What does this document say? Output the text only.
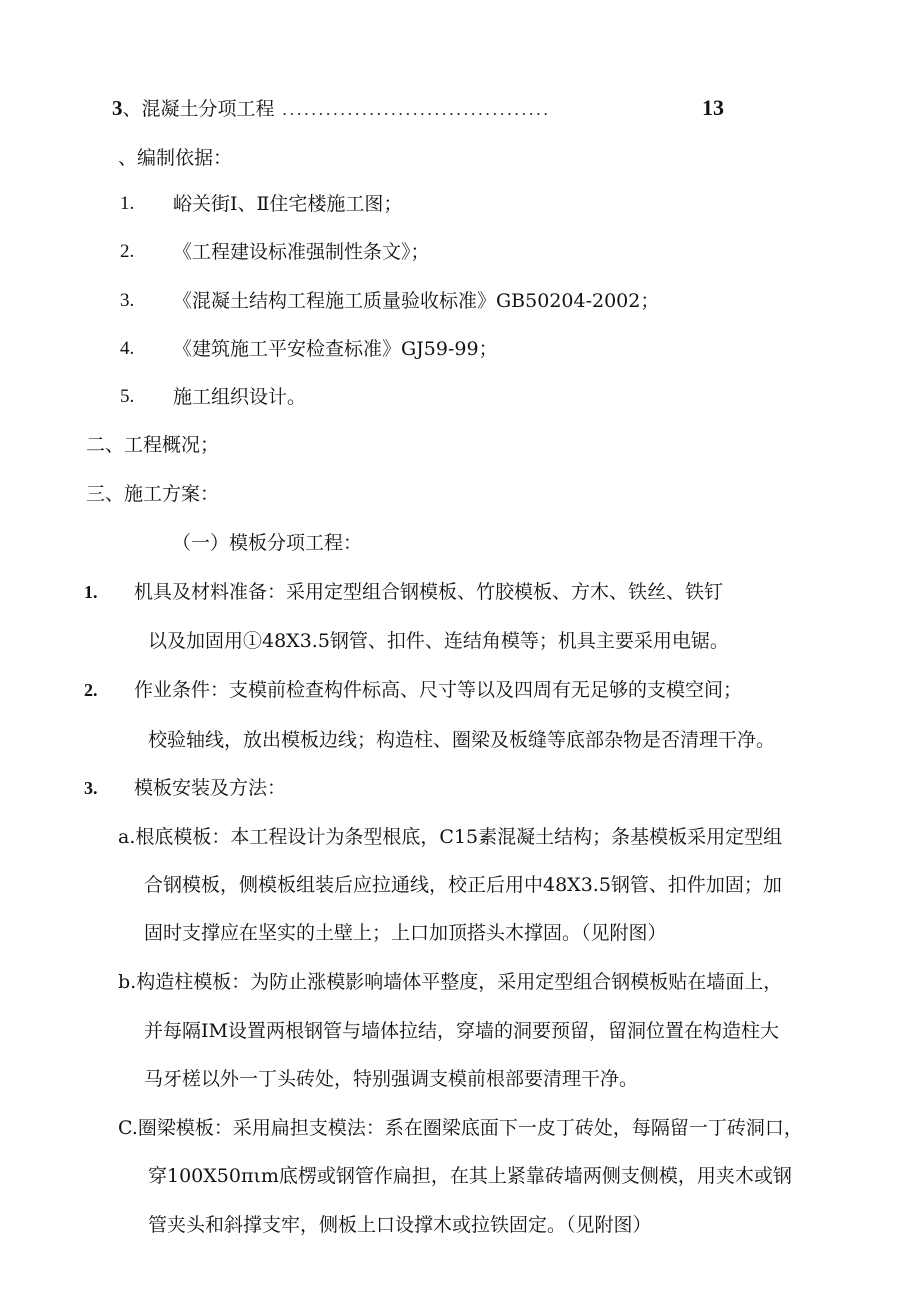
3 、混凝土分项工程 .....................................	13
、编制依据：
1. 峪关街Ⅰ、Ⅱ住宅楼施工图；
2. 《工程建设标准强制性条文》；
3. 《混凝土结构工程施工质量验收标准》GB50204-2002；
4. 《建筑施工平安检查标准》GJ59-99；
5. 施工组织设计。
二、工程概况；
三、施工方案：
（一）模板分项工程：
1. 机具及材料准备：采用定型组合钢模板、竹胶模板、方木、铁丝、铁钉
以及加固用①48X3.5钢管、扣件、连结角模等；机具主要采用电锯。
2. 作业条件：支模前检查构件标高、尺寸等以及四周有无足够的支模空间；
校验轴线，放出模板边线；构造柱、圈梁及板缝等底部杂物是否清理干净。
3. 模板安装及方法：
a.根底模板：本工程设计为条型根底，C15素混凝土结构；条基模板采用定型组
合钢模板，侧模板组装后应拉通线，校正后用中48X3.5钢管、扣件加固；加
固时支撑应在坚实的土壁上；上口加顶搭头木撑固。（见附图）
b.构造柱模板：为防止涨模影响墙体平整度，采用定型组合钢模板贴在墙面上，
并每隔IM设置两根钢管与墙体拉结，穿墙的洞要预留，留洞位置在构造柱大
马牙槎以外一丁头砖处，特别强调支模前根部要清理干净。
C.圈梁模板：采用扁担支模法：系在圈梁底面下一皮丁砖处，每隔留一丁砖洞口，
穿100X50πιm底楞或钢管作扁担，在其上紧靠砖墙两侧支侧模，用夹木或钢
管夹头和斜撑支牢，侧板上口设撑木或拉铁固定。（见附图）
